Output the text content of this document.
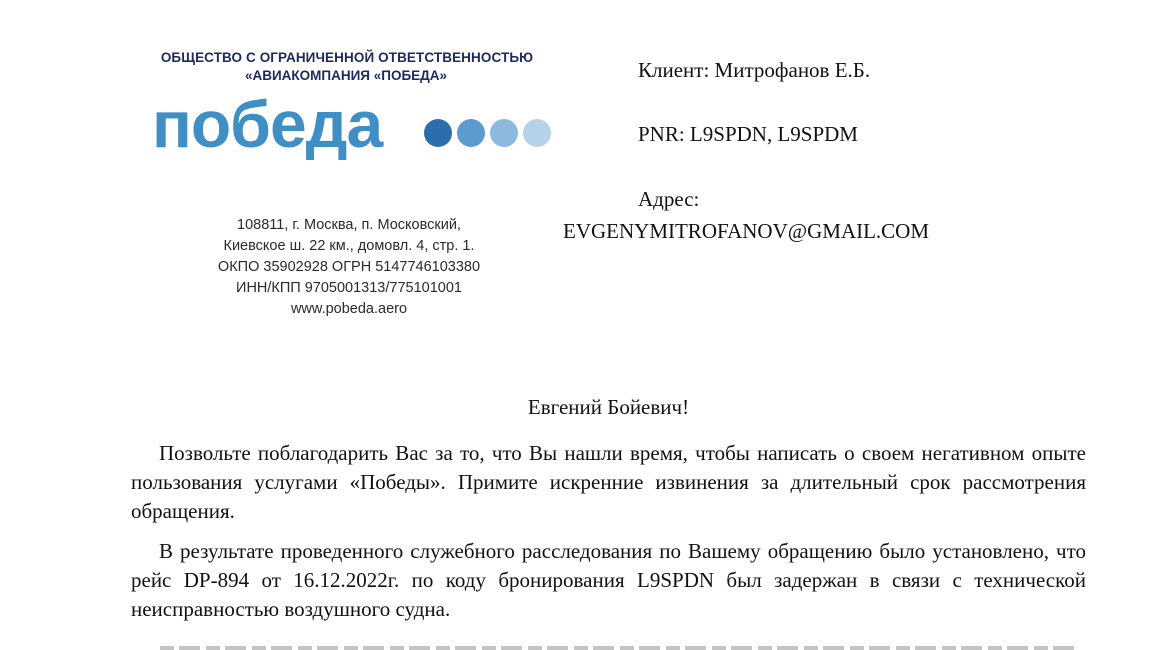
ОБЩЕСТВО С ОГРАНИЧЕННОЙ ОТВЕТСТВЕННОСТЬЮ
«АВИАКОМПАНИЯ «ПОБЕДА»
победа
108811, г. Москва, п. Московский,
Киевское ш. 22 км., домовл. 4, стр. 1.
ОКПО 35902928 ОГРН 5147746103380
ИНН/КПП 9705001313/775101001
www.pobeda.aero
Клиент: Митрофанов Е.Б.
PNR: L9SPDN, L9SPDM
Адрес:
EVGENYMITROFANOV@GMAIL.COM
Евгений Бойевич!

Позвольте поблагодарить Вас за то, что Вы нашли время, чтобы написать о своем негативном опыте пользования услугами «Победы». Примите искренние извинения за длительный срок рассмотрения обращения.

В результате проведенного служебного расследования по Вашему обращению было установлено, что рейс DP-894 от 16.12.2022г. по коду бронирования L9SPDN был задержан в связи с технической неисправностью воздушного судна.
